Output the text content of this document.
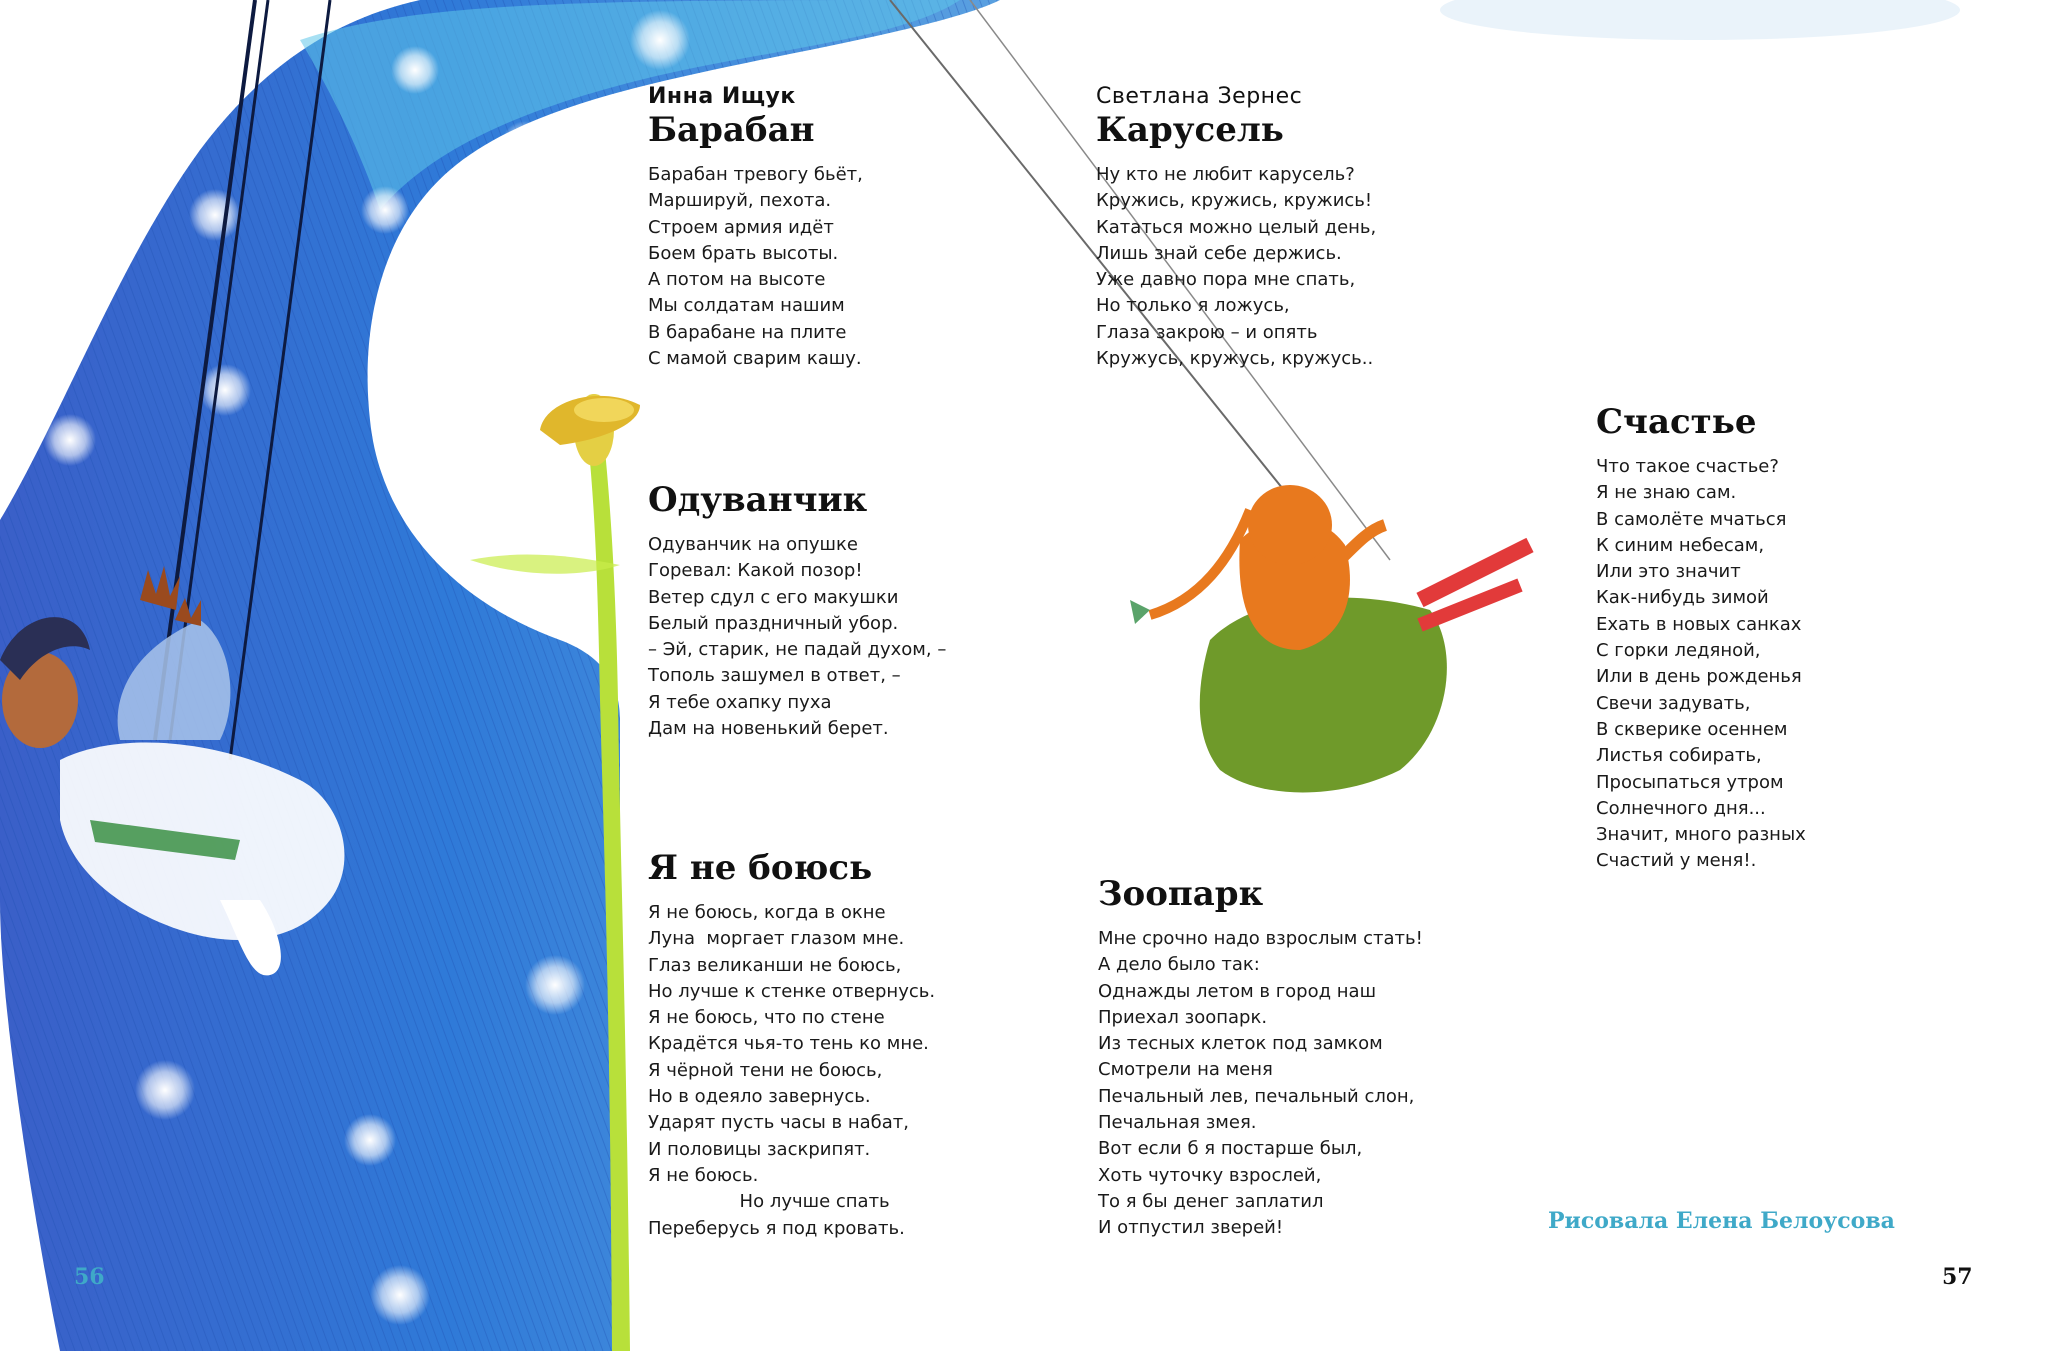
Инна Ищук
Барабан
Барабан тревогу бьёт,
Маршируй, пехота.
Строем армия идёт
Боем брать высоты.
А потом на высоте
Мы солдатам нашим
В барабане на плите
С мамой сварим кашу.
Одуванчик
Одуванчик на опушке
Горевал: Какой позор!
Ветер сдул с его макушки
Белый праздничный убор.
– Эй, старик, не падай духом, –
Тополь зашумел в ответ, –
Я тебе охапку пуха
Дам на новенький берет.
Я не боюсь
Я не боюсь, когда в окне
Луна  моргает глазом мне.
Глаз великанши не боюсь,
Но лучше к стенке отвернусь.
Я не боюсь, что по стене
Крадётся чья-то тень ко мне.
Я чёрной тени не боюсь,
Но в одеяло завернусь.
Ударят пусть часы в набат,
И половицы заскрипят.
Я не боюсь.
Но лучше спать
Переберусь я под кровать.
Светлана Зернес
Карусель
Ну кто не любит карусель?
Кружись, кружись, кружись!
Кататься можно целый день,
Лишь знай себе держись.
Уже давно пора мне спать,
Но только я ложусь,
Глаза закрою – и опять
Кружусь, кружусь, кружусь..
Зоопарк
Мне срочно надо взрослым стать!
А дело было так:
Однажды летом в город наш
Приехал зоопарк.
Из тесных клеток под замком
Смотрели на меня
Печальный лев, печальный слон,
Печальная змея.
Вот если б я постарше был,
Хоть чуточку взрослей,
То я бы денег заплатил
И отпустил зверей!
Счастье
Что такое счастье?
Я не знаю сам.
В самолёте мчаться
К синим небесам,
Или это значит
Как-нибудь зимой
Ехать в новых санках
С горки ледяной,
Или в день рожденья
Свечи задувать,
В скверике осеннем
Листья собирать,
Просыпаться утром
Солнечного дня...
Значит, много разных
Счастий у меня!.
Рисовала Елена Белоусова
56	57
